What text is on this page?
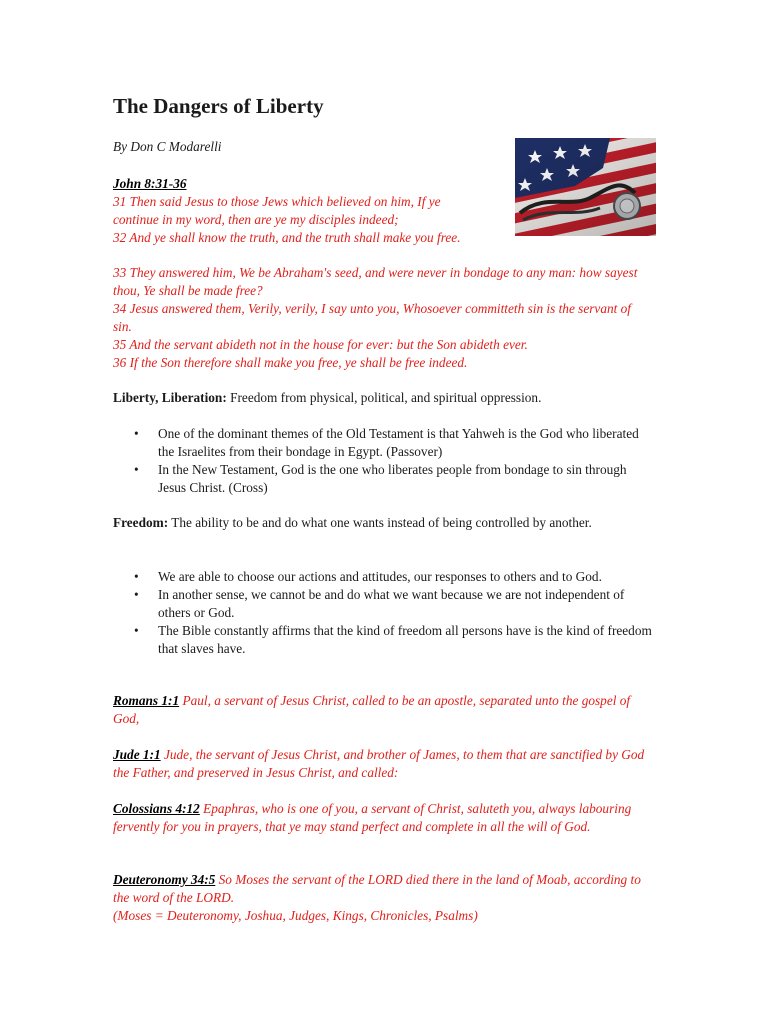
The Dangers of Liberty
By Don C Modarelli
John 8:31-36
31 Then said Jesus to those Jews which believed on him, If ye continue in my word, then are ye my disciples indeed;
32 And ye shall know the truth, and the truth shall make you free.
33 They answered him, We be Abraham's seed, and were never in bondage to any man: how sayest thou, Ye shall be made free?
34 Jesus answered them, Verily, verily, I say unto you, Whosoever committeth sin is the servant of sin.
35 And the servant abideth not in the house for ever: but the Son abideth ever.
36 If the Son therefore shall make you free, ye shall be free indeed.
Liberty, Liberation: Freedom from physical, political, and spiritual oppression.
• One of the dominant themes of the Old Testament is that Yahweh is the God who liberated the Israelites from their bondage in Egypt. (Passover)
• In the New Testament, God is the one who liberates people from bondage to sin through Jesus Christ. (Cross)
Freedom: The ability to be and do what one wants instead of being controlled by another.
• We are able to choose our actions and attitudes, our responses to others and to God.
• In another sense, we cannot be and do what we want because we are not independent of others or God.
• The Bible constantly affirms that the kind of freedom all persons have is the kind of freedom that slaves have.
Romans 1:1 Paul, a servant of Jesus Christ, called to be an apostle, separated unto the gospel of God,
Jude 1:1 Jude, the servant of Jesus Christ, and brother of James, to them that are sanctified by God the Father, and preserved in Jesus Christ, and called:
Colossians 4:12 Epaphras, who is one of you, a servant of Christ, saluteth you, always labouring fervently for you in prayers, that ye may stand perfect and complete in all the will of God.
Deuteronomy 34:5 So Moses the servant of the LORD died there in the land of Moab, according to the word of the LORD.
(Moses = Deuteronomy, Joshua, Judges, Kings, Chronicles, Psalms)
